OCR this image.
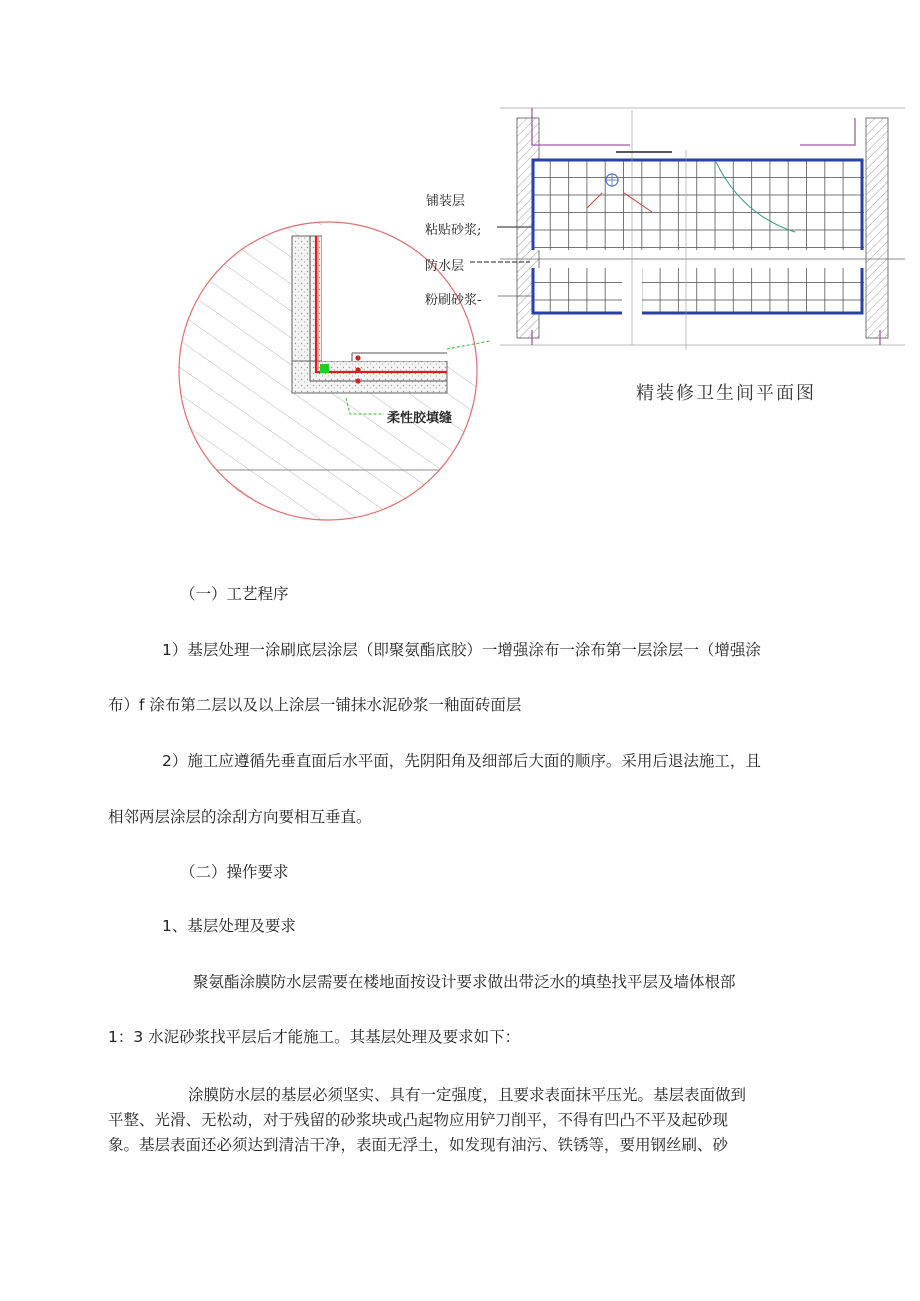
铺装层
粘贴砂浆;
防水层
粉刷砂浆-
柔性胶填缝
精装修卫生间平面图
（一）工艺程序
1）基层处理一涂刷底层涂层（即聚氨酯底胶）一增强涂布一涂布第一层涂层一（增强涂
布）f 涂布第二层以及以上涂层一铺抹水泥砂浆一釉面砖面层
2）施工应遵循先垂直面后水平面，先阴阳角及细部后大面的顺序。采用后退法施工，且
相邻两层涂层的涂刮方向要相互垂直。
（二）操作要求
1、基层处理及要求
聚氨酯涂膜防水层需要在楼地面按设计要求做出带泛水的填垫找平层及墙体根部
1：3 水泥砂浆找平层后才能施工。其基层处理及要求如下：
涂膜防水层的基层必须坚实、具有一定强度，且要求表面抹平压光。基层表面做到
平整、光滑、无松动，对于残留的砂浆块或凸起物应用铲刀削平，不得有凹凸不平及起砂现
象。基层表面还必须达到清洁干净，表面无浮土，如发现有油污、铁锈等，要用钢丝刷、砂
